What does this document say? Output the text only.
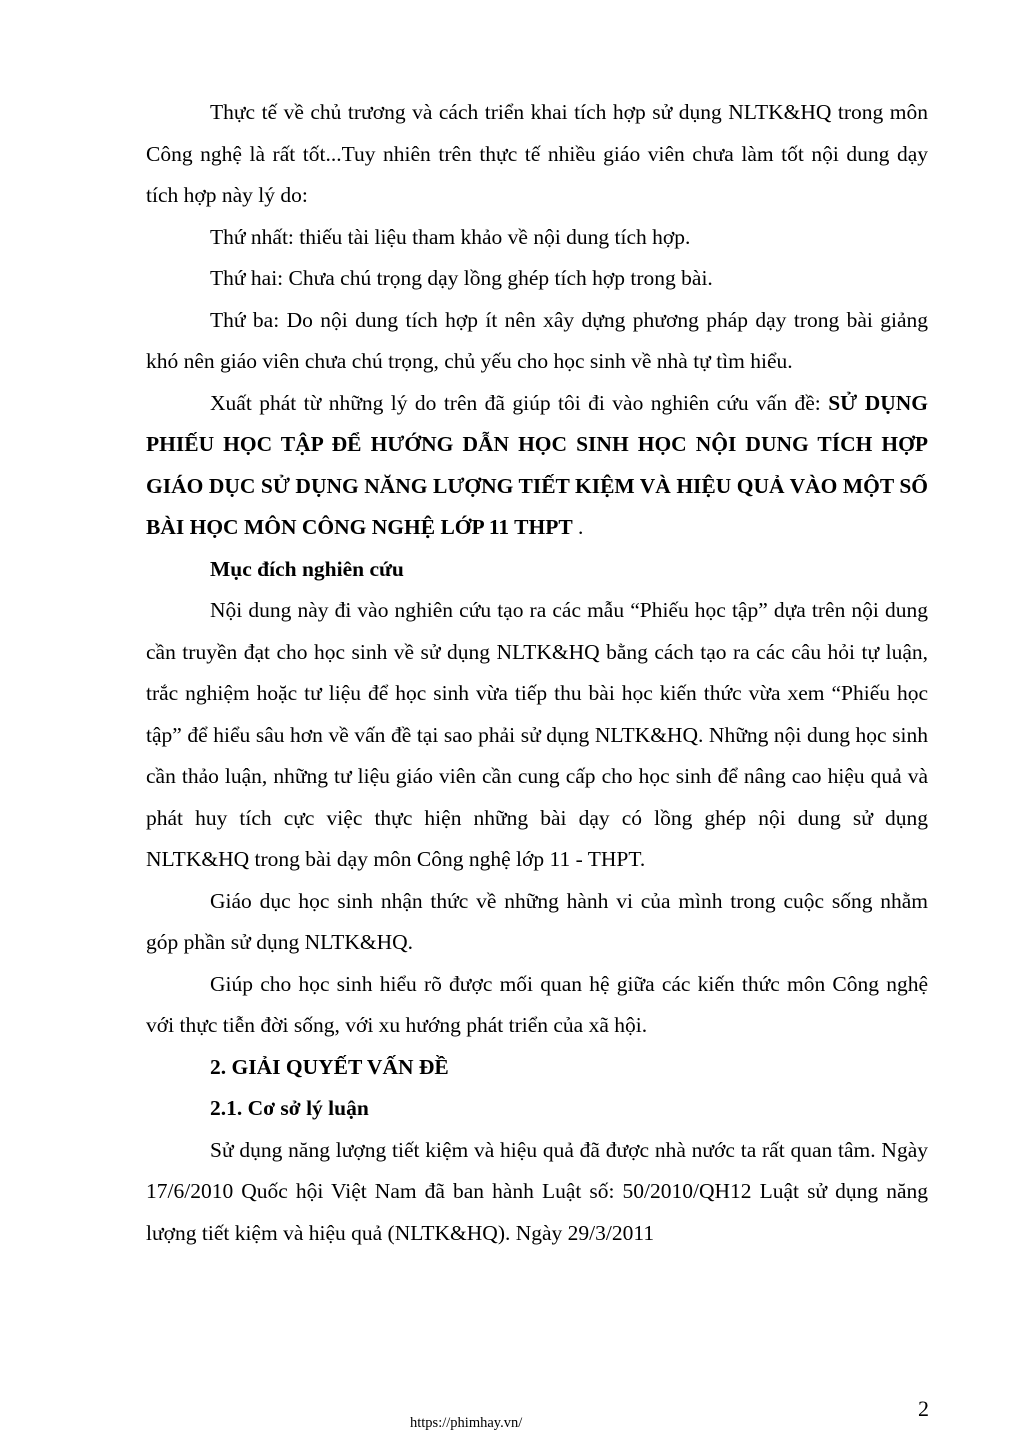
Thực tế về chủ trương và cách triển khai tích hợp sử dụng NLTK&HQ trong môn Công nghệ là rất tốt...Tuy nhiên trên thực tế nhiều giáo viên chưa làm tốt nội dung dạy tích hợp này lý do:

Thứ nhất: thiếu tài liệu tham khảo về nội dung tích hợp.

Thứ hai: Chưa chú trọng dạy lồng ghép tích hợp trong bài.

Thứ ba: Do nội dung tích hợp ít nên xây dựng phương pháp dạy trong bài giảng khó nên giáo viên chưa chú trọng, chủ yếu cho học sinh về nhà tự tìm hiểu.

Xuất phát từ những lý do trên đã giúp tôi đi vào nghiên cứu vấn đề: SỬ DỤNG PHIẾU HỌC TẬP ĐỂ HƯỚNG DẪN HỌC SINH HỌC NỘI DUNG TÍCH HỢP GIÁO DỤC SỬ DỤNG NĂNG LƯỢNG TIẾT KIỆM VÀ HIỆU QUẢ VÀO MỘT SỐ BÀI HỌC MÔN CÔNG NGHỆ LỚP 11 THPT .

Mục đích nghiên cứu

Nội dung này đi vào nghiên cứu tạo ra các mẫu “Phiếu học tập” dựa trên nội dung cần truyền đạt cho học sinh về sử dụng NLTK&HQ bằng cách tạo ra các câu hỏi tự luận, trắc nghiệm hoặc tư liệu để học sinh vừa tiếp thu bài học kiến thức vừa xem “Phiếu học tập” để hiểu sâu hơn về vấn đề tại sao phải sử dụng NLTK&HQ. Những nội dung học sinh cần thảo luận, những tư liệu giáo viên cần cung cấp cho học sinh để nâng cao hiệu quả và phát huy tích cực việc thực hiện những bài dạy có lồng ghép nội dung sử dụng NLTK&HQ trong bài dạy môn Công nghệ lớp 11 - THPT.

Giáo dục học sinh nhận thức về những hành vi của mình trong cuộc sống nhằm góp phần sử dụng NLTK&HQ.

Giúp cho học sinh hiểu rõ được mối quan hệ giữa các kiến thức môn Công nghệ với thực tiễn đời sống, với xu hướng phát triển của xã hội.

2. GIẢI QUYẾT VẤN ĐỀ

2.1. Cơ sở lý luận

Sử dụng năng lượng tiết kiệm và hiệu quả đã được nhà nước ta rất quan tâm. Ngày 17/6/2010 Quốc hội Việt Nam đã ban hành Luật số: 50/2010/QH12 Luật sử dụng năng lượng tiết kiệm và hiệu quả (NLTK&HQ). Ngày 29/3/2011

2
https://phimhay.vn/
